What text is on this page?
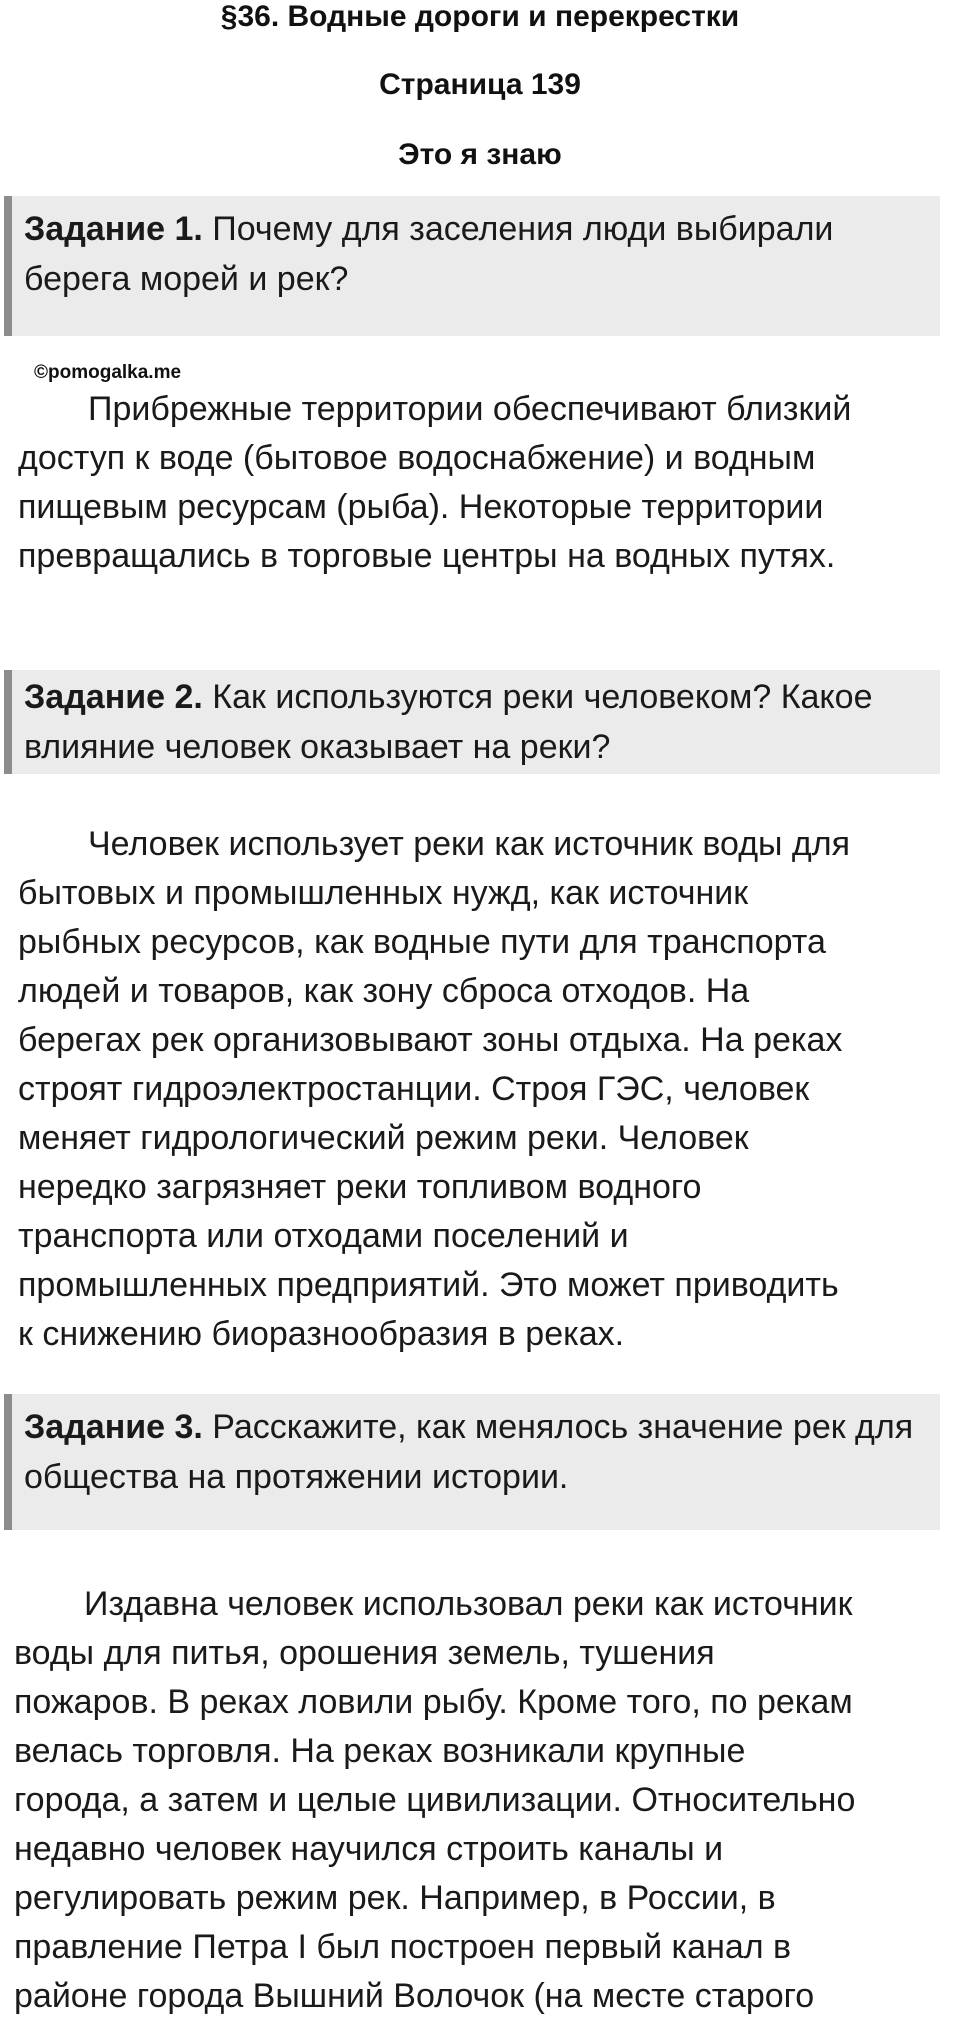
§36. Водные дороги и перекрестки
Страница 139
Это я знаю
Задание 1. Почему для заселения люди выбирали берега морей и рек?
©pomogalka.me
Прибрежные территории обеспечивают близкий
доступ к воде (бытовое водоснабжение) и водным
пищевым ресурсам (рыба). Некоторые территории
превращались в торговые центры на водных путях.
Задание 2. Как используются реки человеком? Какое влияние человек оказывает на реки?
Человек использует реки как источник воды для
бытовых и промышленных нужд, как источник
рыбных ресурсов, как водные пути для транспорта
людей и товаров, как зону сброса отходов. На
берегах рек организовывают зоны отдыха. На реках
строят гидроэлектростанции. Строя ГЭС, человек
меняет гидрологический режим реки. Человек
нередко загрязняет реки топливом водного
транспорта или отходами поселений и
промышленных предприятий. Это может приводить
к снижению биоразнообразия в реках.
Задание 3. Расскажите, как менялось значение рек для общества на протяжении истории.
Издавна человек использовал реки как источник
воды для питья, орошения земель, тушения
пожаров. В реках ловили рыбу. Кроме того, по рекам
велась торговля. На реках возникали крупные
города, а затем и целые цивилизации. Относительно
недавно человек научился строить каналы и
регулировать режим рек. Например, в России, в
правление Петра I был построен первый канал в
районе города Вышний Волочок (на месте старого
